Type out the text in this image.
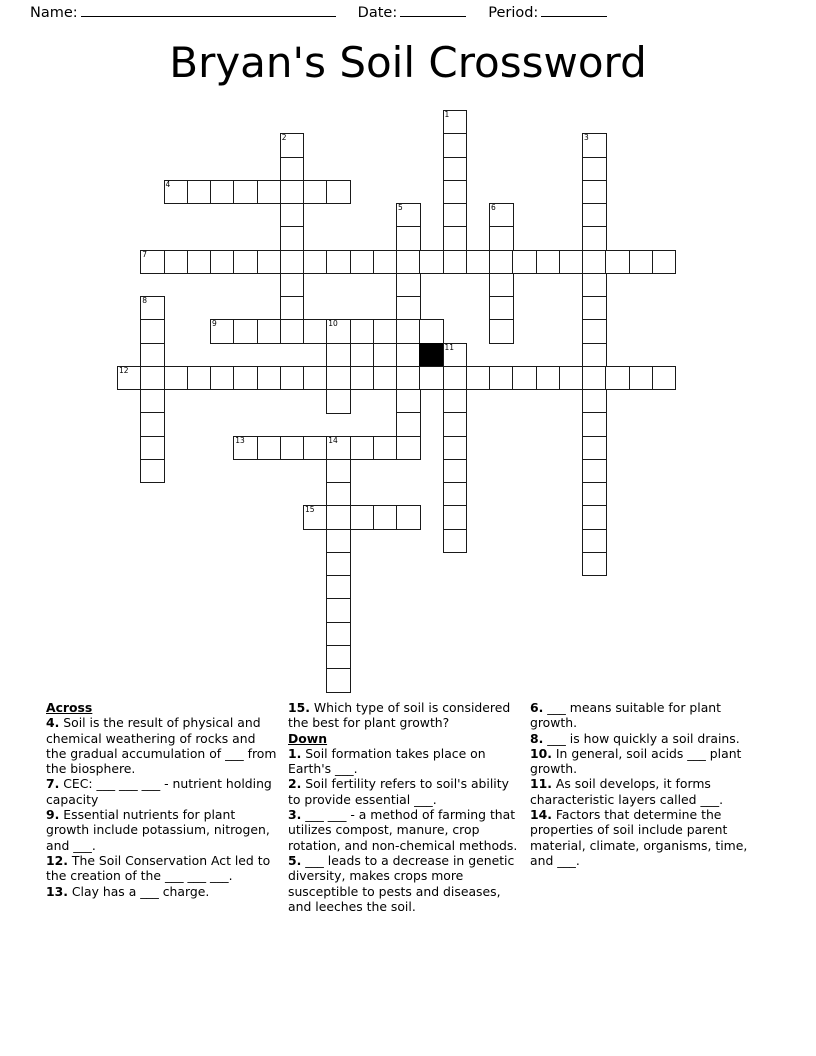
Name:	Date:	Period:
Bryan's Soil Crossword
1
2	3
4
5	6
7
8
9	10
11
12
13	14
15
Across

4. Soil is the result of physical and chemical weathering of rocks and the gradual accumulation of ___ from the biosphere.

7. CEC: ___ ___ ___ - nutrient holding capacity

9. Essential nutrients for plant growth include potassium, nitrogen, and ___.

12. The Soil Conservation Act led to the creation of the ___ ___ ___.

13. Clay has a ___ charge.

15. Which type of soil is considered the best for plant growth?

Down

1. Soil formation takes place on Earth's ___.

2. Soil fertility refers to soil's ability to provide essential ___.

3. ___ ___ - a method of farming that utilizes compost, manure, crop rotation, and non-chemical methods.

5. ___ leads to a decrease in genetic diversity, makes crops more susceptible to pests and diseases, and leeches the soil.

6. ___ means suitable for plant growth.

8. ___ is how quickly a soil drains.

10. In general, soil acids ___ plant growth.

11. As soil develops, it forms characteristic layers called ___.

14. Factors that determine the properties of soil include parent material, climate, organisms, time, and ___.
